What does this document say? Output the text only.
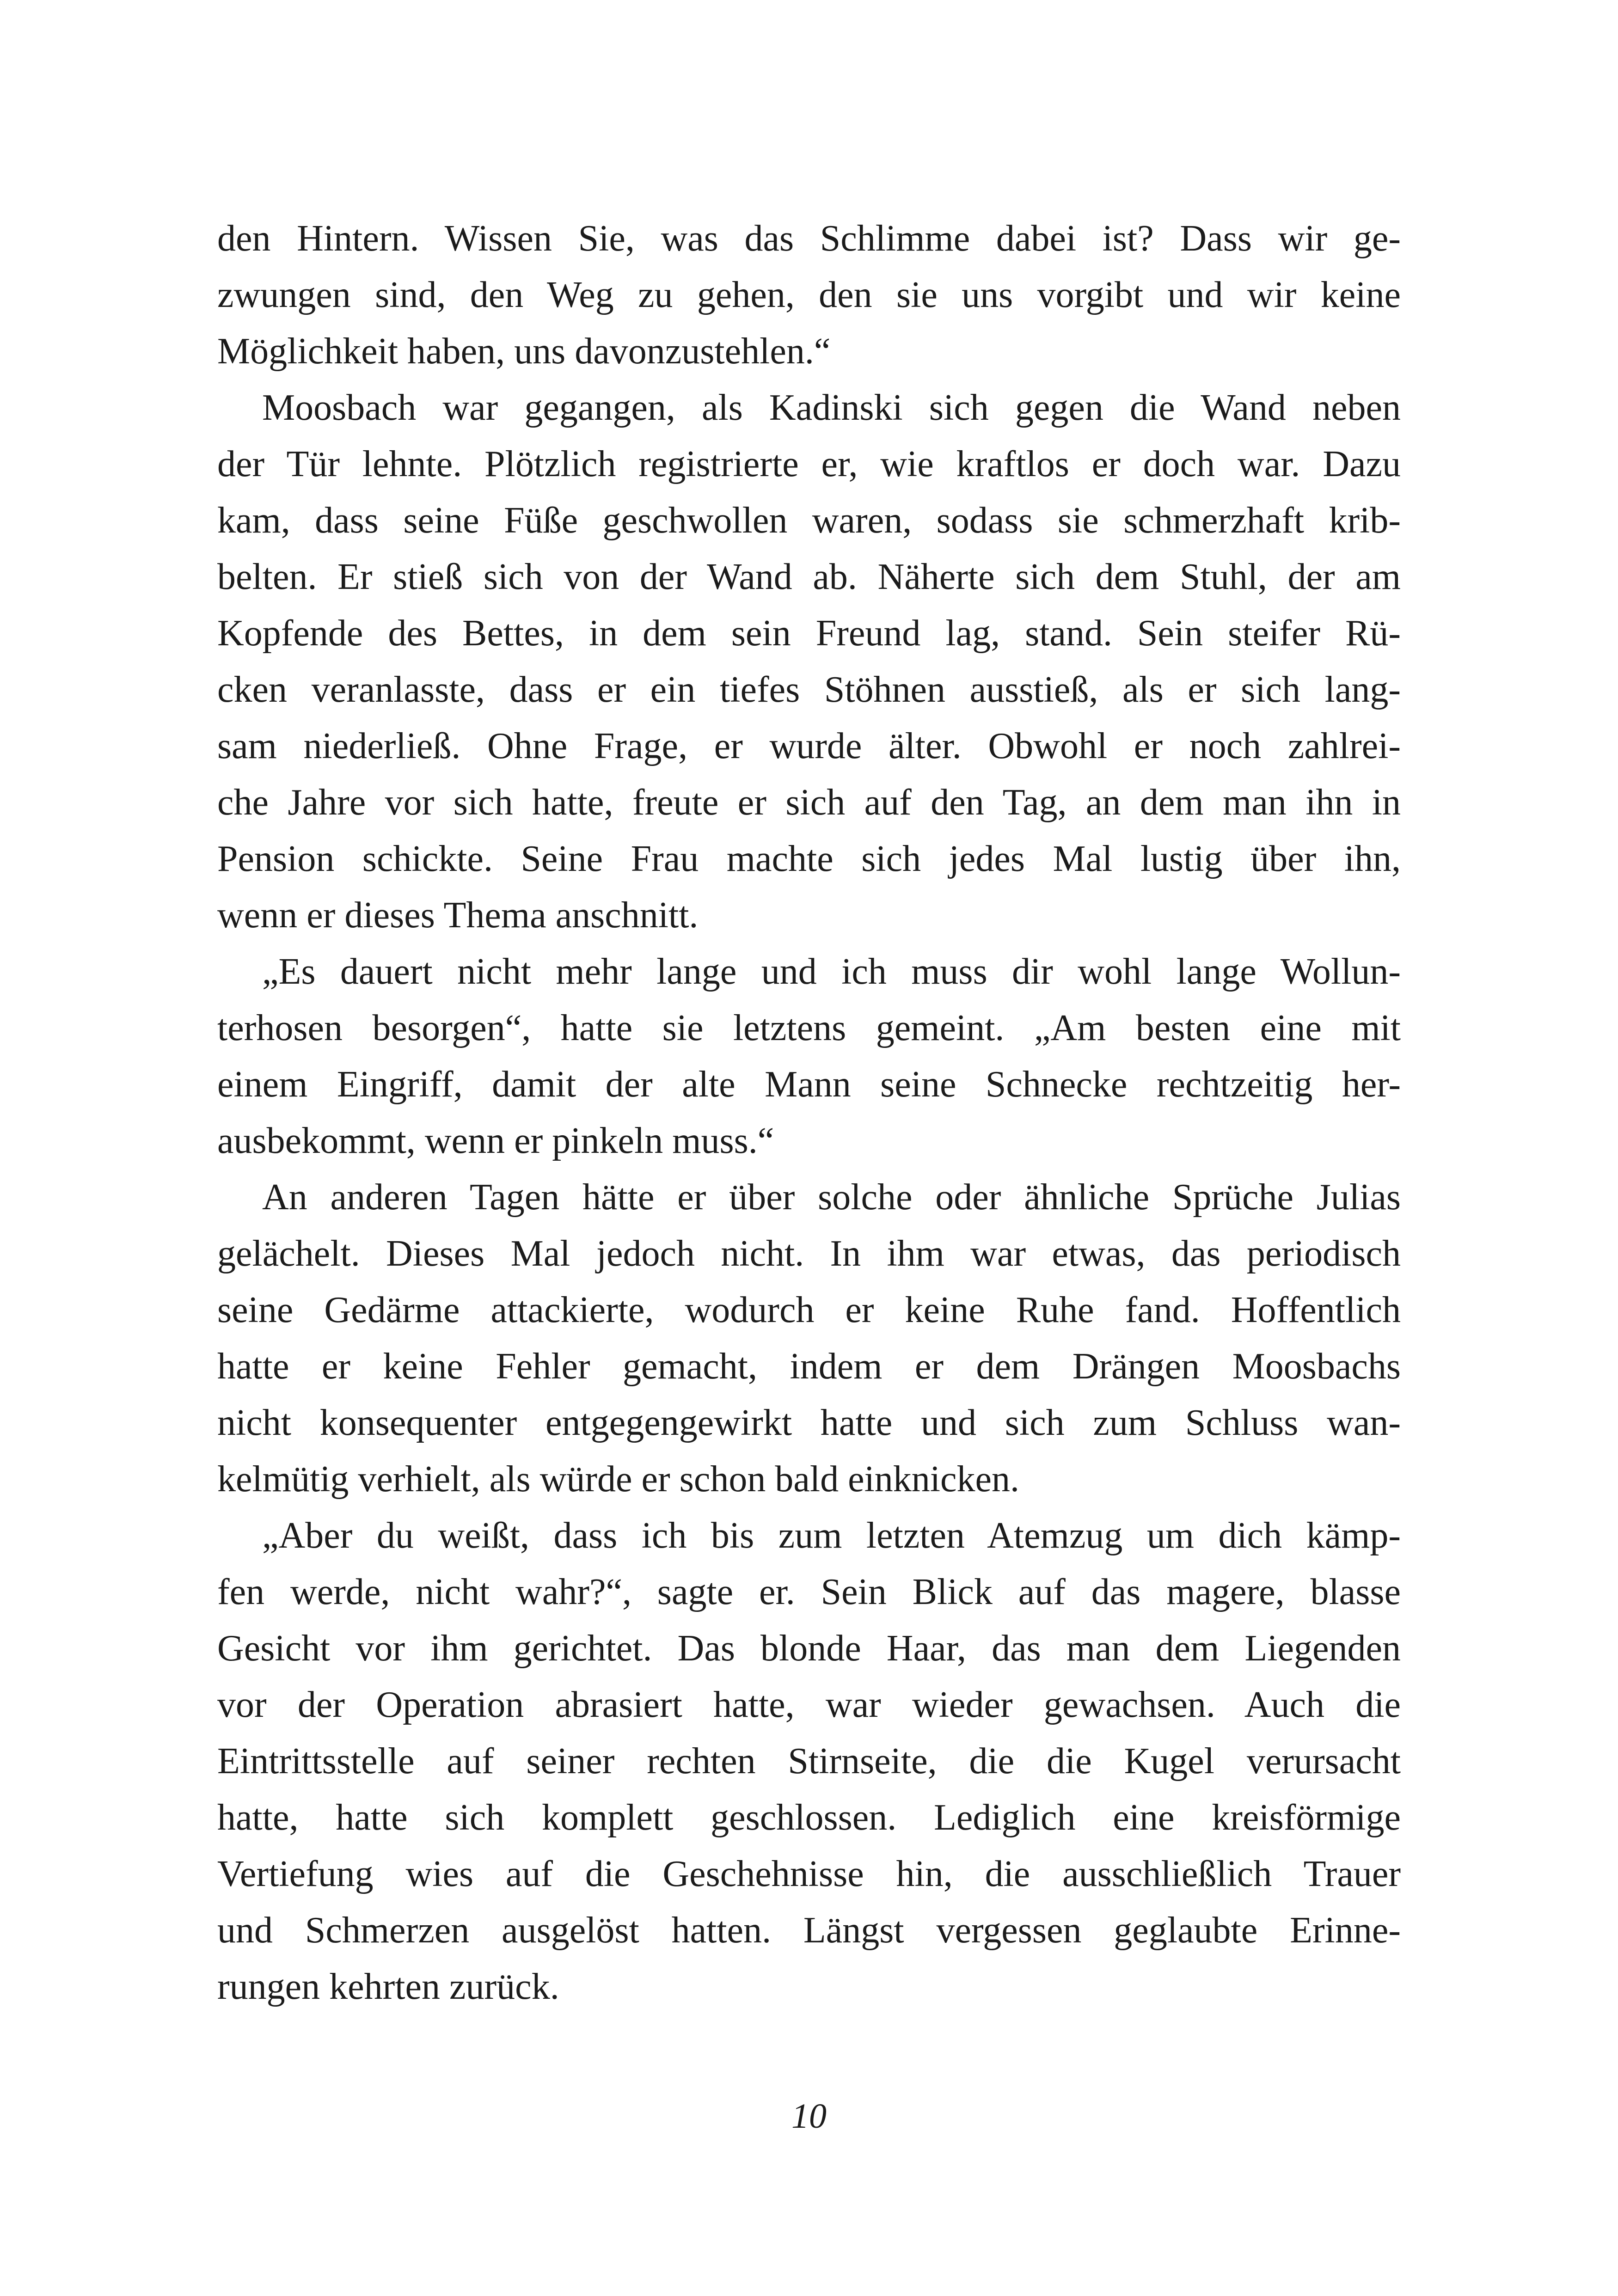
den Hintern. Wissen Sie, was das Schlimme dabei ist? Dass wir ge-
zwungen sind, den Weg zu gehen, den sie uns vorgibt und wir keine
Möglichkeit haben, uns davonzustehlen.“
Moosbach war gegangen, als Kadinski sich gegen die Wand neben
der Tür lehnte. Plötzlich registrierte er, wie kraftlos er doch war. Dazu
kam, dass seine Füße geschwollen waren, sodass sie schmerzhaft krib-
belten. Er stieß sich von der Wand ab. Näherte sich dem Stuhl, der am
Kopfende des Bettes, in dem sein Freund lag, stand. Sein steifer Rü-
cken veranlasste, dass er ein tiefes Stöhnen ausstieß, als er sich lang-
sam niederließ. Ohne Frage, er wurde älter. Obwohl er noch zahlrei-
che Jahre vor sich hatte, freute er sich auf den Tag, an dem man ihn in
Pension schickte. Seine Frau machte sich jedes Mal lustig über ihn,
wenn er dieses Thema anschnitt.
„Es dauert nicht mehr lange und ich muss dir wohl lange Wollun-
terhosen besorgen“, hatte sie letztens gemeint. „Am besten eine mit
einem Eingriff, damit der alte Mann seine Schnecke rechtzeitig her-
ausbekommt, wenn er pinkeln muss.“
An anderen Tagen hätte er über solche oder ähnliche Sprüche Julias
gelächelt. Dieses Mal jedoch nicht. In ihm war etwas, das periodisch
seine Gedärme attackierte, wodurch er keine Ruhe fand. Hoffentlich
hatte er keine Fehler gemacht, indem er dem Drängen Moosbachs
nicht konsequenter entgegengewirkt hatte und sich zum Schluss wan-
kelmütig verhielt, als würde er schon bald einknicken.
„Aber du weißt, dass ich bis zum letzten Atemzug um dich kämp-
fen werde, nicht wahr?“, sagte er. Sein Blick auf das magere, blasse
Gesicht vor ihm gerichtet. Das blonde Haar, das man dem Liegenden
vor der Operation abrasiert hatte, war wieder gewachsen. Auch die
Eintrittsstelle auf seiner rechten Stirnseite, die die Kugel verursacht
hatte, hatte sich komplett geschlossen. Lediglich eine kreisförmige
Vertiefung wies auf die Geschehnisse hin, die ausschließlich Trauer
und Schmerzen ausgelöst hatten. Längst vergessen geglaubte Erinne-
rungen kehrten zurück.
10
